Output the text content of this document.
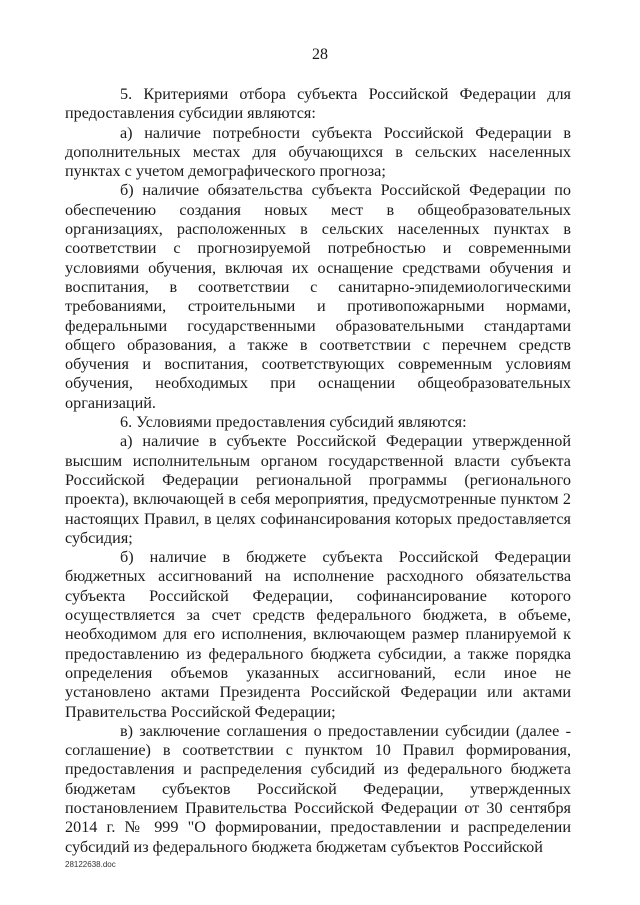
28

5. Критериями отбора субъекта Российской Федерации для предоставления субсидии являются:

а) наличие потребности субъекта Российской Федерации в дополнительных местах для обучающихся в сельских населенных пунктах с учетом демографического прогноза;

б) наличие обязательства субъекта Российской Федерации по обеспечению создания новых мест в общеобразовательных организациях, расположенных в сельских населенных пунктах в соответствии с прогнозируемой потребностью и современными условиями обучения, включая их оснащение средствами обучения и воспитания, в соответствии с санитарно-эпидемиологическими требованиями, строительными и противопожарными нормами, федеральными государственными образовательными стандартами общего образования, а также в соответствии с перечнем средств обучения и воспитания, соответствующих современным условиям обучения, необходимых при оснащении общеобразовательных организаций.

6. Условиями предоставления субсидий являются:

а) наличие в субъекте Российской Федерации утвержденной высшим исполнительным органом государственной власти субъекта Российской Федерации региональной программы (регионального проекта), включающей в себя мероприятия, предусмотренные пунктом 2 настоящих Правил, в целях софинансирования которых предоставляется субсидия;

б) наличие в бюджете субъекта Российской Федерации бюджетных ассигнований на исполнение расходного обязательства субъекта Российской Федерации, софинансирование которого осуществляется за счет средств федерального бюджета, в объеме, необходимом для его исполнения, включающем размер планируемой к предоставлению из федерального бюджета субсидии, а также порядка определения объемов указанных ассигнований, если иное не установлено актами Президента Российской Федерации или актами Правительства Российской Федерации;

в) заключение соглашения о предоставлении субсидии (далее - соглашение) в соответствии с пунктом 10 Правил формирования, предоставления и распределения субсидий из федерального бюджета бюджетам субъектов Российской Федерации, утвержденных постановлением Правительства Российской Федерации от 30 сентября 2014 г. № 999 "О формировании, предоставлении и распределении субсидий из федерального бюджета бюджетам субъектов Российской

28122638.doc
